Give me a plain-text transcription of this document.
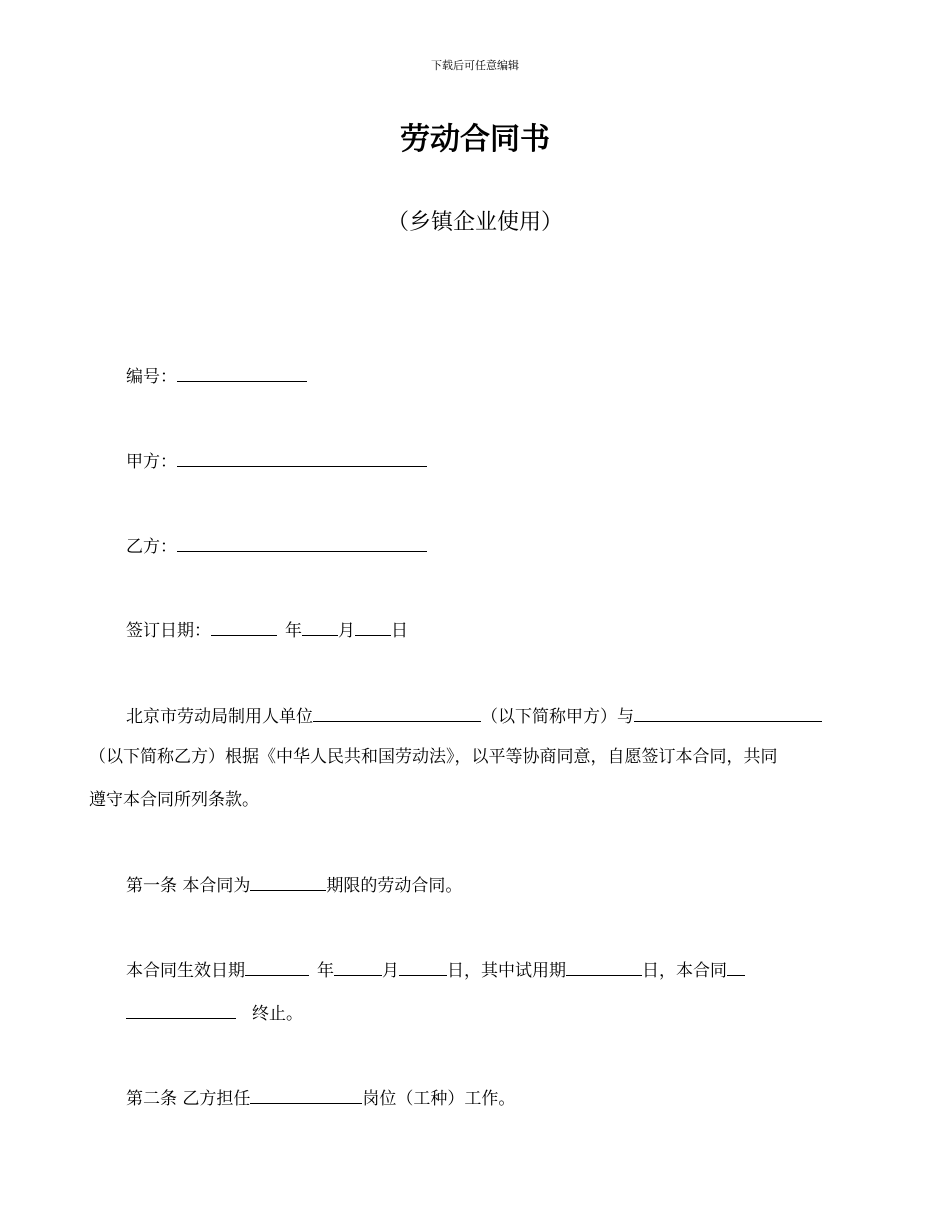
下载后可任意编辑
劳动合同书
（乡镇企业使用）
编号：
甲方：
乙方：
签订日期：	年 月 日
北京市劳动局制用人单位	（以下简称甲方）与
（以下简称乙方）根据《中华人民共和国劳动法》，以平等协商同意，自愿签订本合同，共同
遵守本合同所列条款。
第一条 本合同为	期限的劳动合同。
本合同生效日期	年	月	日，其中试用期	日，本合同
终止。
第二条 乙方担任	岗位（工种）工作。
